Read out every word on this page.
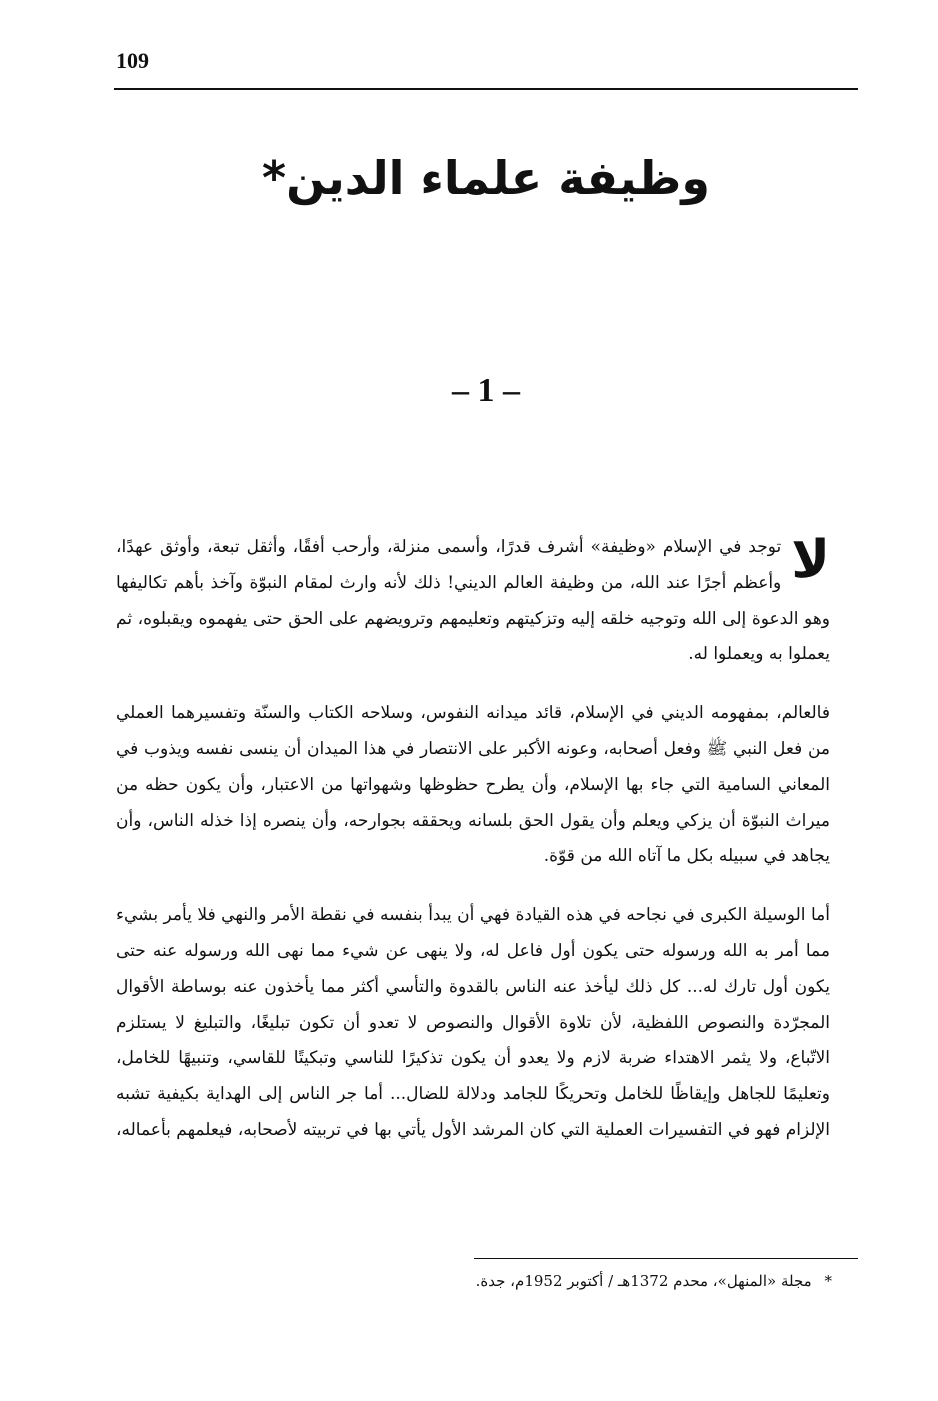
109
وظيفة علماء الدين*
– 1 –

لا
توجد في الإسلام «وظيفة» أشرف قدرًا، وأسمى منزلة، وأرحب أفقًا، وأثقل تبعة، وأوثق عهدًا، وأعظم أجرًا عند الله، من وظيفة العالم الديني! ذلك لأنه وارث لمقام النبوّة وآخذ بأهم تكاليفها وهو الدعوة إلى الله وتوجيه خلقه إليه وتزكيتهم وتعليمهم وترويضهم على الحق حتى يفهموه ويقبلوه، ثم يعملوا به ويعملوا له.

فالعالم، بمفهومه الديني في الإسلام، قائد ميدانه النفوس، وسلاحه الكتاب والسنّة وتفسيرهما العملي من فعل النبي ﷺ وفعل أصحابه، وعونه الأكبر على الانتصار في هذا الميدان أن ينسى نفسه ويذوب في المعاني السامية التي جاء بها الإسلام، وأن يطرح حظوظها وشهواتها من الاعتبار، وأن يكون حظه من ميراث النبوّة أن يزكي ويعلم وأن يقول الحق بلسانه ويحققه بجوارحه، وأن ينصره إذا خذله الناس، وأن يجاهد في سبيله بكل ما آتاه الله من قوّة.

أما الوسيلة الكبرى في نجاحه في هذه القيادة فهي أن يبدأ بنفسه في نقطة الأمر والنهي فلا يأمر بشيء مما أمر به الله ورسوله حتى يكون أول فاعل له، ولا ينهى عن شيء مما نهى الله ورسوله عنه حتى يكون أول تارك له... كل ذلك ليأخذ عنه الناس بالقدوة والتأسي أكثر مما يأخذون عنه بوساطة الأقوال المجرّدة والنصوص اللفظية، لأن تلاوة الأقوال والنصوص لا تعدو أن تكون تبليغًا، والتبليغ لا يستلزم الاتّباع، ولا يثمر الاهتداء ضربة لازم ولا يعدو أن يكون تذكيرًا للناسي وتبكيتًا للقاسي، وتنبيهًا للخامل، وتعليمًا للجاهل وإيقاظًا للخامل وتحريكًا للجامد ودلالة للضال... أما جر الناس إلى الهداية بكيفية تشبه الإلزام فهو في التفسيرات العملية التي كان المرشد الأول يأتي بها في تربيته لأصحابه، فيعلمهم بأعماله،

* مجلة «المنهل»، محدم 1372هـ / أكتوبر 1952م، جدة.
